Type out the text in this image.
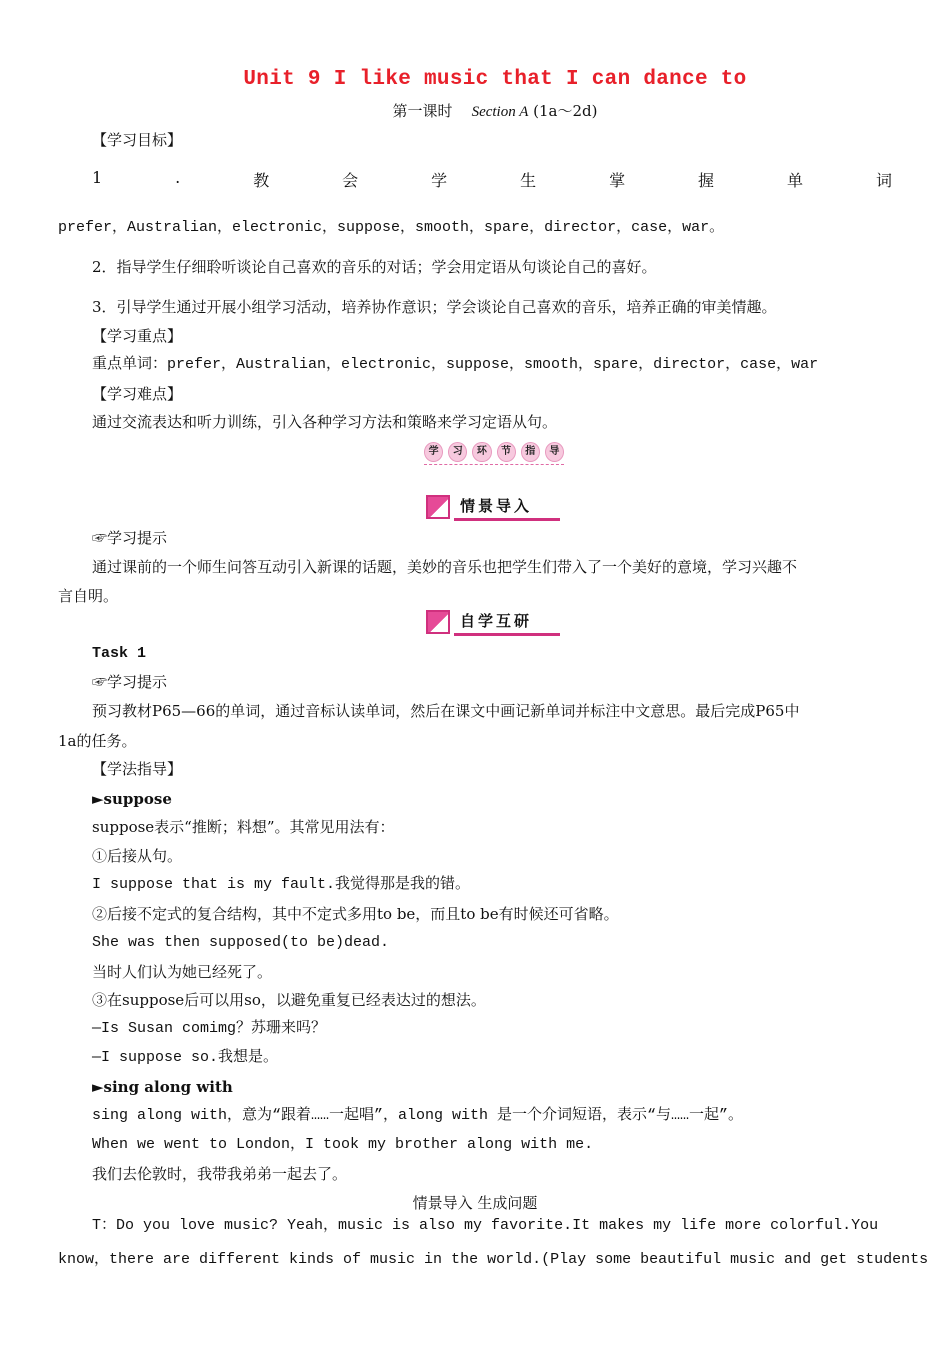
Unit 9 I like music that I can dance to
第一课时 Section A (1a～2d)
【学习目标】
1	.	教	会	学	生	掌	握	单	词
prefer，Australian，electronic，suppose，smooth，spare，director，case，war。
2．指导学生仔细聆听谈论自己喜欢的音乐的对话；学会用定语从句谈论自己的喜好。
3．引导学生通过开展小组学习活动，培养协作意识；学会谈论自己喜欢的音乐，培养正确的审美情趣。
【学习重点】
重点单词：prefer，Australian，electronic，suppose，smooth，spare，director，case，war
【学习难点】
通过交流表达和听力训练，引入各种学习方法和策略来学习定语从句。
学	习	环	节	指	导
情景导入
☞学习提示
通过课前的一个师生问答互动引入新课的话题，美妙的音乐也把学生们带入了一个美好的意境，学习兴趣不
言自明。
自学互研
Task 1
☞学习提示
预习教材P65—66的单词，通过音标认读单词，然后在课文中画记新单词并标注中文意思。最后完成P65中
1a的任务。
【学法指导】
►suppose
suppose表示“推断；料想”。其常见用法有：
①后接从句。
I suppose that is my fault.我觉得那是我的错。
②后接不定式的复合结构，其中不定式多用to be，而且to be有时候还可省略。
She was then supposed(to be)dead.
当时人们认为她已经死了。
③在suppose后可以用so，以避免重复已经表达过的想法。
—Is Susan comimg？苏珊来吗？
—I suppose so.我想是。
►sing along with
sing along with，意为“跟着……一起唱”，along with 是一个介词短语，表示“与……一起”。
When we went to London，I took my brother along with me.
我们去伦敦时，我带我弟弟一起去了。
情景导入 生成问题
T：Do you love music? Yeah，music is also my favorite.It makes my life more colorful.You
know，there are different kinds of music in the world.(Play some beautiful music and get students
